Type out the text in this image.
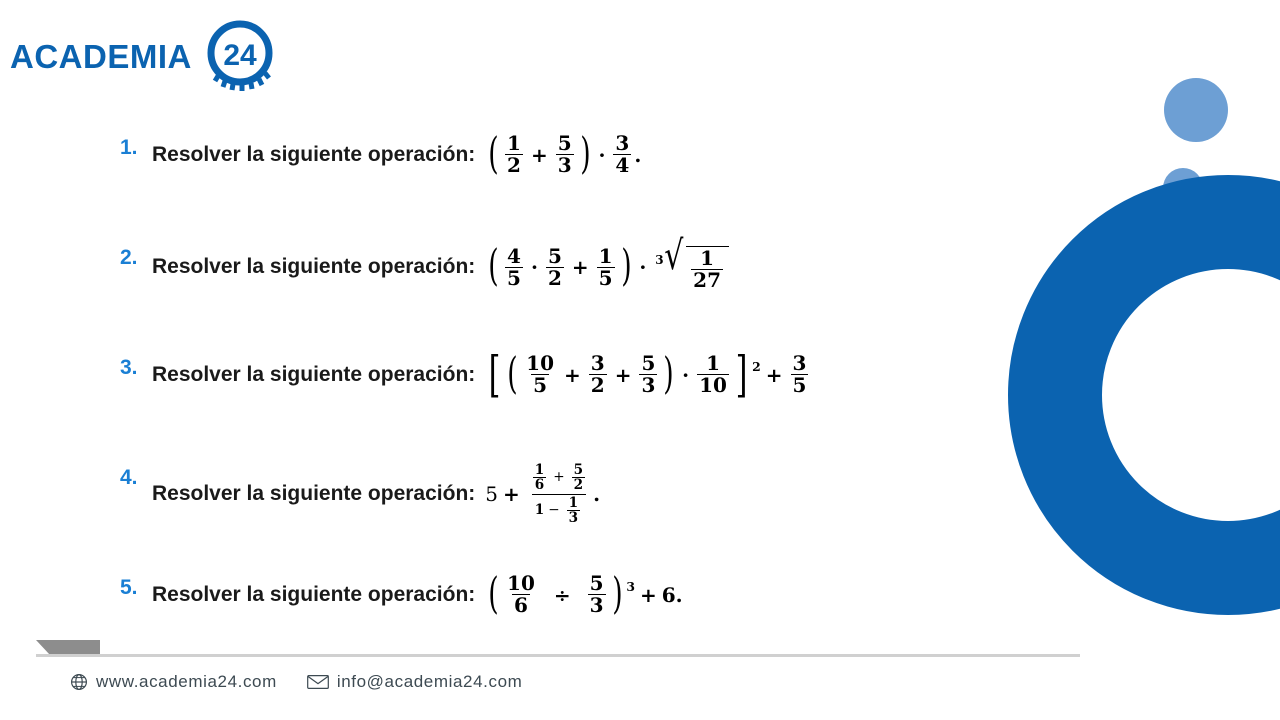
ACADEMIA 24
1. Resolver la siguiente operación: ( $\frac{1}{2} + \frac{5}{3}$ ) · $\frac{3}{4}$ .
2. Resolver la siguiente operación: ( $\frac{4}{5} \cdot \frac{5}{2} + \frac{1}{5}$ ) · 3 √ $\frac{1}{27}$
3. Resolver la siguiente operación: [ ( $\frac{10}{5} + \frac{3}{2} + \frac{5}{3}$ ) · $\frac{1}{10}$ ] $2 + \frac{3}{5}$
4.
Resolver la siguiente operación: 5 +
$\frac{1}{6} + \frac{5}{2}$
$1 - \frac{1}{3}$
.
5. Resolver la siguiente operación: ( $\frac{10}{6} \div \frac{5}{3}$ ) 3 + 6 .
www.academia24.com	info@academia24.com
